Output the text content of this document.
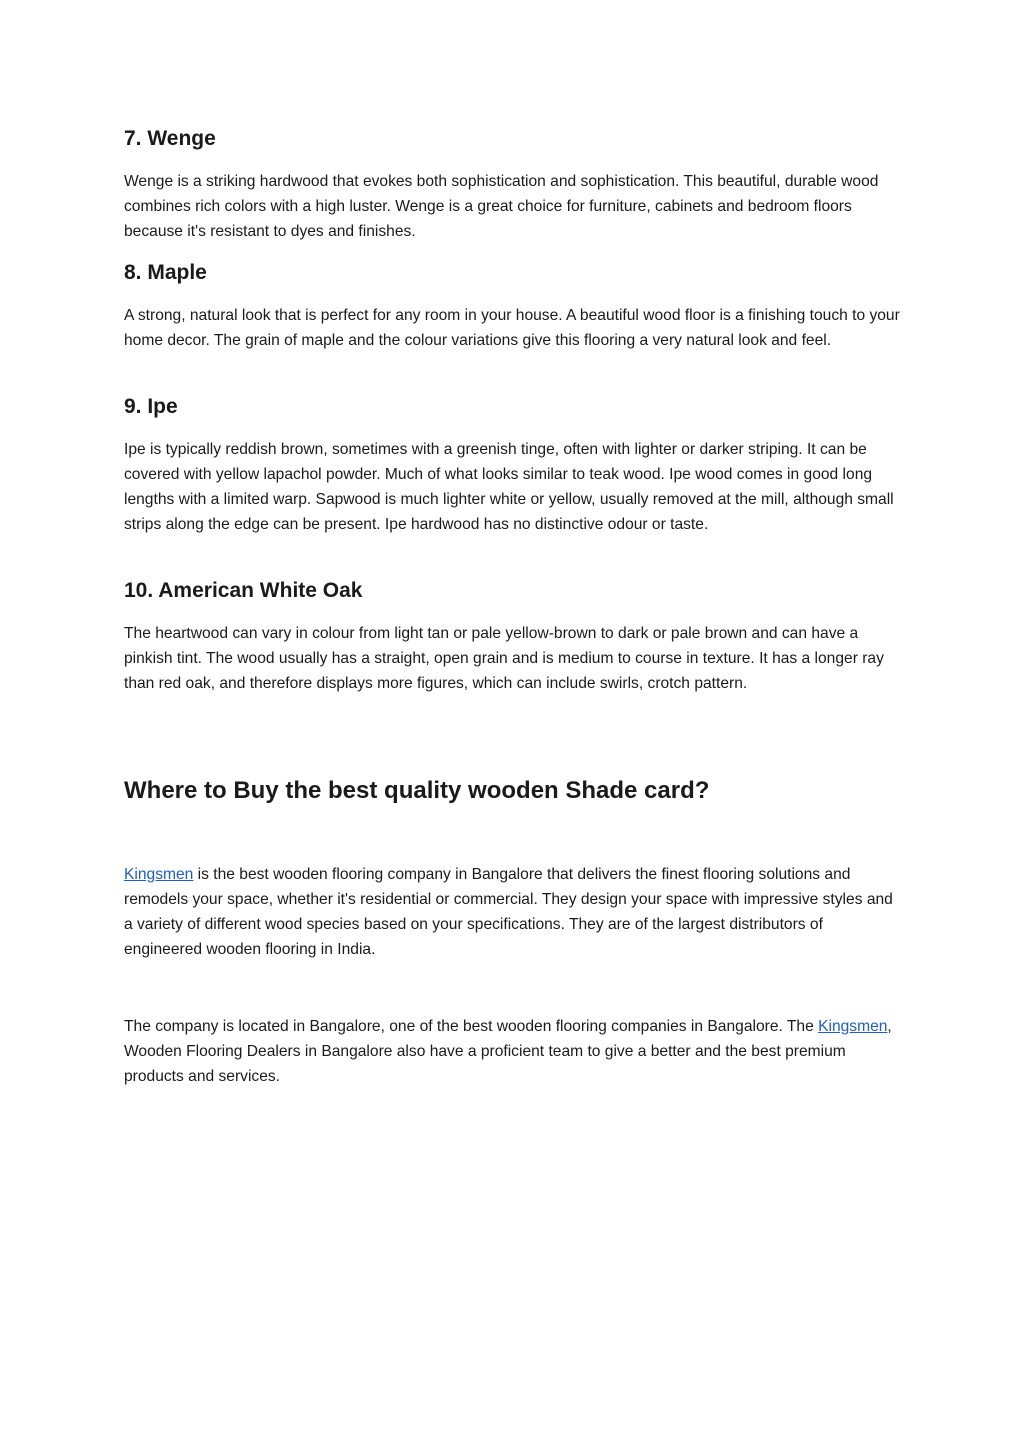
7. Wenge

Wenge is a striking hardwood that evokes both sophistication and sophistication. This beautiful, durable wood combines rich colors with a high luster. Wenge is a great choice for furniture, cabinets and bedroom floors because it's resistant to dyes and finishes.

8. Maple

A strong, natural look that is perfect for any room in your house. A beautiful wood floor is a finishing touch to your home decor. The grain of maple and the colour variations give this flooring a very natural look and feel.

9. Ipe

Ipe is typically reddish brown, sometimes with a greenish tinge, often with lighter or darker striping. It can be covered with yellow lapachol powder. Much of what looks similar to teak wood. Ipe wood comes in good long lengths with a limited warp. Sapwood is much lighter white or yellow, usually removed at the mill, although small strips along the edge can be present. Ipe hardwood has no distinctive odour or taste.

10. American White Oak

The heartwood can vary in colour from light tan or pale yellow-brown to dark or pale brown and can have a pinkish tint. The wood usually has a straight, open grain and is medium to course in texture. It has a longer ray than red oak, and therefore displays more figures, which can include swirls, crotch pattern.

Where to Buy the best quality wooden Shade card?

Kingsmen is the best wooden flooring company in Bangalore that delivers the finest flooring solutions and remodels your space, whether it's residential or commercial. They design your space with impressive styles and a variety of different wood species based on your specifications. They are of the largest distributors of engineered wooden flooring in India.

The company is located in Bangalore, one of the best wooden flooring companies in Bangalore. The Kingsmen, Wooden Flooring Dealers in Bangalore also have a proficient team to give a better and the best premium products and services.
